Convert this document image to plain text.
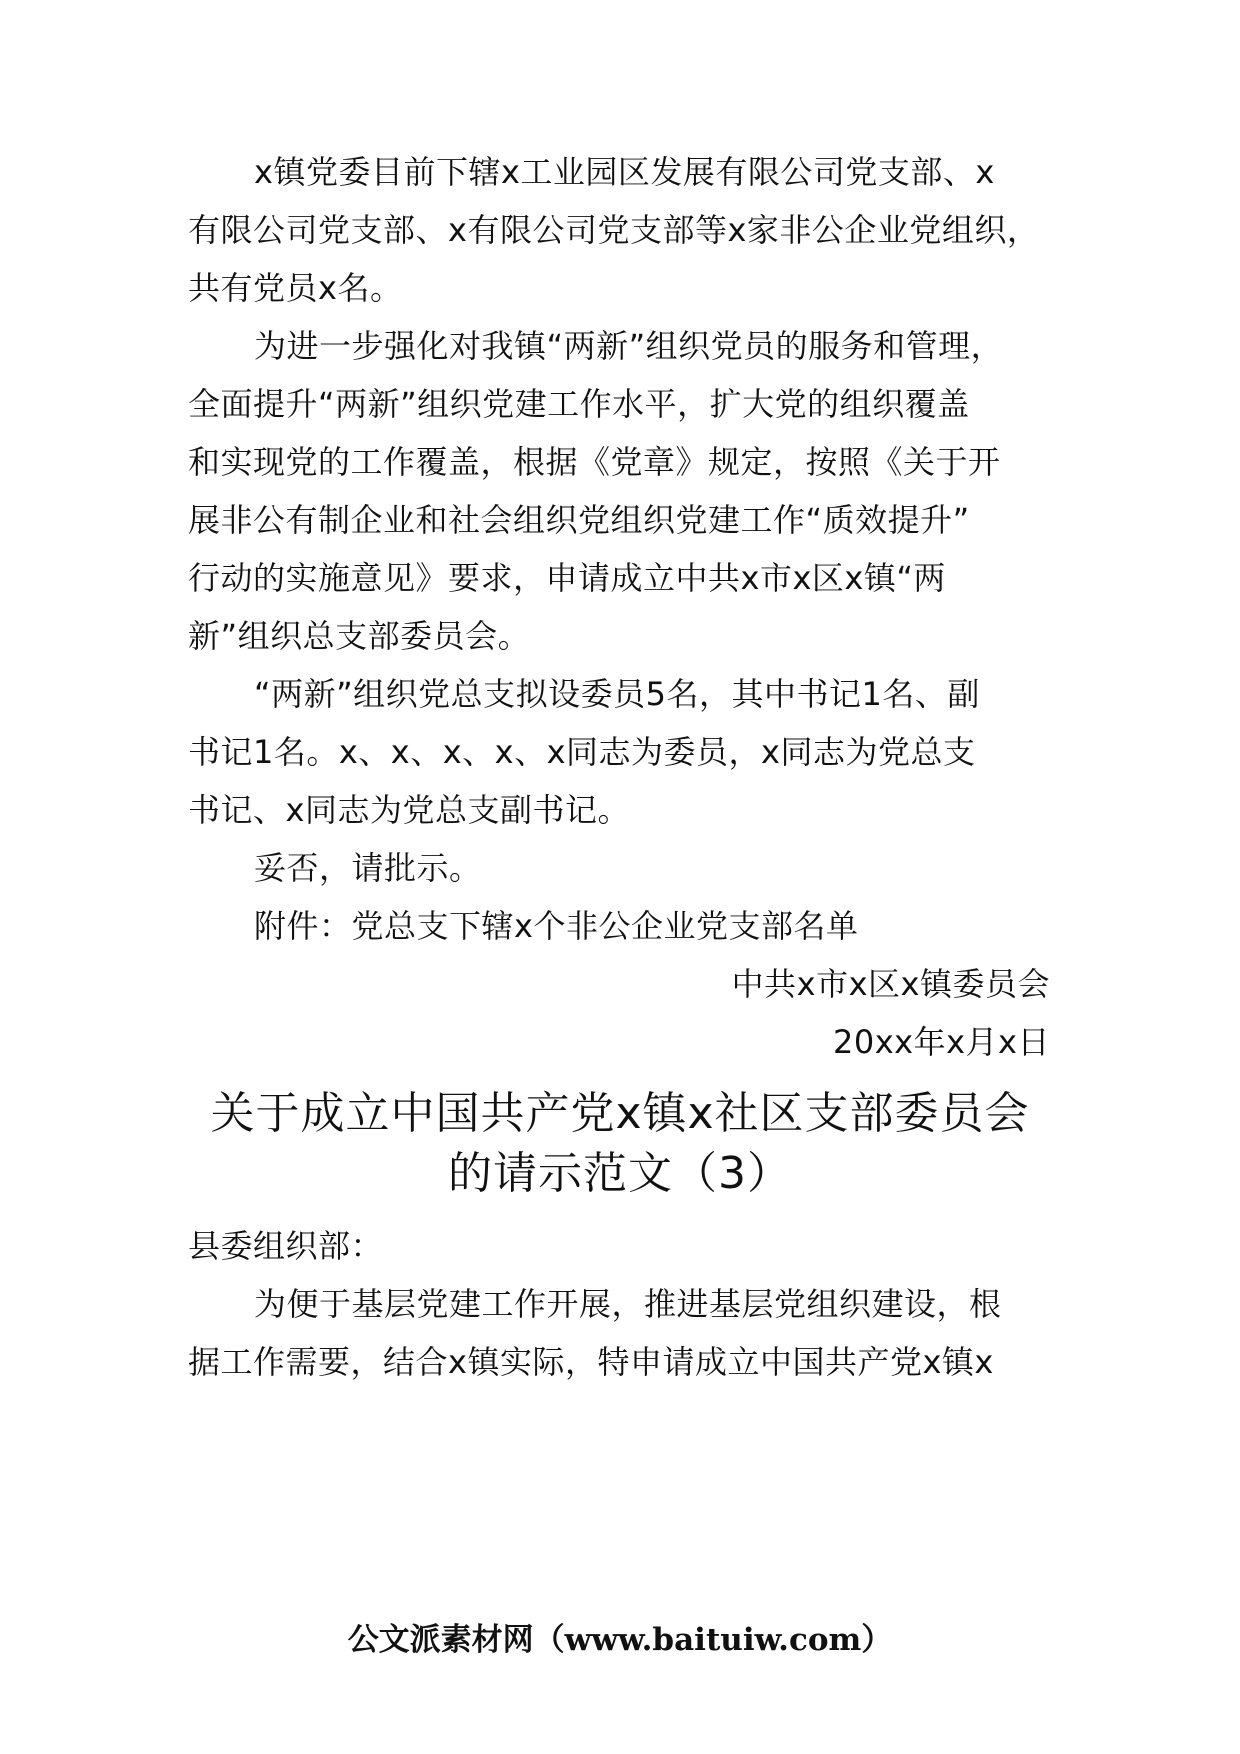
x镇党委目前下辖x工业园区发展有限公司党支部、x
有限公司党支部、x有限公司党支部等x家非公企业党组织，
共有党员x名。
为进一步强化对我镇“两新”组织党员的服务和管理，
全面提升“两新”组织党建工作水平，扩大党的组织覆盖
和实现党的工作覆盖，根据《党章》规定，按照《关于开
展非公有制企业和社会组织党组织党建工作“质效提升”
行动的实施意见》要求，申请成立中共x市x区x镇“两
新”组织总支部委员会。
“两新”组织党总支拟设委员5名，其中书记1名、副
书记1名。x、x、x、x、x同志为委员，x同志为党总支
书记、x同志为党总支副书记。
妥否，请批示。
附件：党总支下辖x个非公企业党支部名单
中共x市x区x镇委员会
20xx年x月x日
关于成立中国共产党x镇x社区支部委员会
的请示范文（3）
县委组织部：
为便于基层党建工作开展，推进基层党组织建设，根
据工作需要，结合x镇实际，特申请成立中国共产党x镇x
公文派素材网（www.baituiw.com）
